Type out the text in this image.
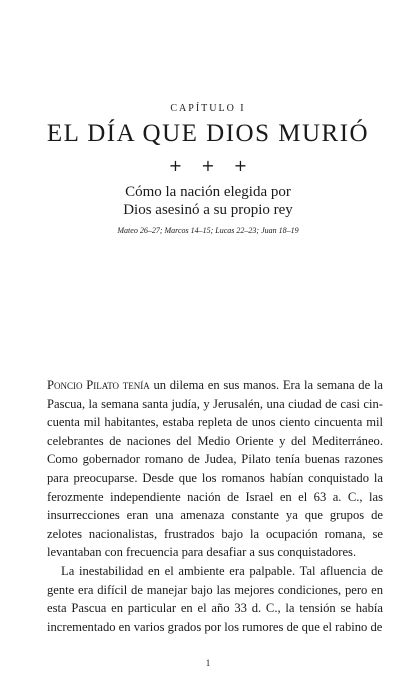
CAPÍTULO I
EL DÍA QUE DIOS MURIÓ
+ + +
Cómo la nación elegida por
Dios asesinó a su propio rey
Mateo 26–27; Marcos 14–15; Lucas 22–23; Juan 18–19

Poncio Pilato tenía un dilema en sus manos. Era la semana de la Pascua, la semana santa judía, y Jerusalén, una ciudad de casi cincuenta mil habitantes, estaba repleta de unos ciento cincuenta mil celebrantes de naciones del Medio Oriente y del Mediterráneo. Como gobernador romano de Judea, Pilato tenía buenas razones para preocuparse. Desde que los romanos habían conquistado la ferozmente independiente nación de Israel en el 63 a. C., las insurrecciones eran una amenaza constante ya que grupos de zelotes nacionalistas, frustrados bajo la ocupación romana, se levantaban con frecuencia para desafiar a sus conquistadores.

La inestabilidad en el ambiente era palpable. Tal afluencia de gente era difícil de manejar bajo las mejores condiciones, pero en esta Pascua en particular en el año 33 d. C., la tensión se había incrementado en varios grados por los rumores de que el rabino de

1
